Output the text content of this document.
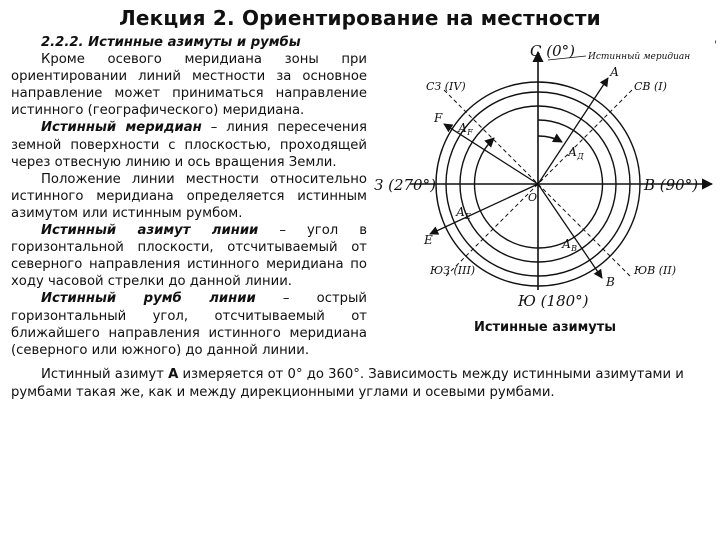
Лекция 2. Ориентирование на местности

2.2.2. Истинные азимуты и румбы

Кроме осевого меридиана зоны при ориентировании линий местности за основное направление может приниматься направление истинного (географического) меридиана.

Истинный меридиан – линия пересечения земной поверхности с плоскостью, проходящей через отвесную линию и ось вращения Земли.

Положение линии местности относительно истинного меридиана определяется истинным азимутом или истинным румбом.

Истинный азимут линии – угол в горизонтальной плоскости, отсчитываемый от северного направления истинного меридиана по ходу часовой стрелки до данной линии.

Истинный румб линии – острый горизонтальный угол, отсчитываемый от ближайшего направления истинного меридиана (северного или южного) до данной линии.

С (0°) Истинный меридиан
'
В (90°)
Ю (180°)
З (270°)
СЗ (IV)	СВ (I)
ЮЗ (III)	ЮВ (II)
О
А
F
Е
В
$А_Д$
$А_F$
$А_Е$
$А_В$
Истинные азимуты

Истинный азимут А измеряется от 0° до 360°. Зависимость между истинными азимутами и румбами такая же, как и между дирекционными углами и осевыми румбами.
